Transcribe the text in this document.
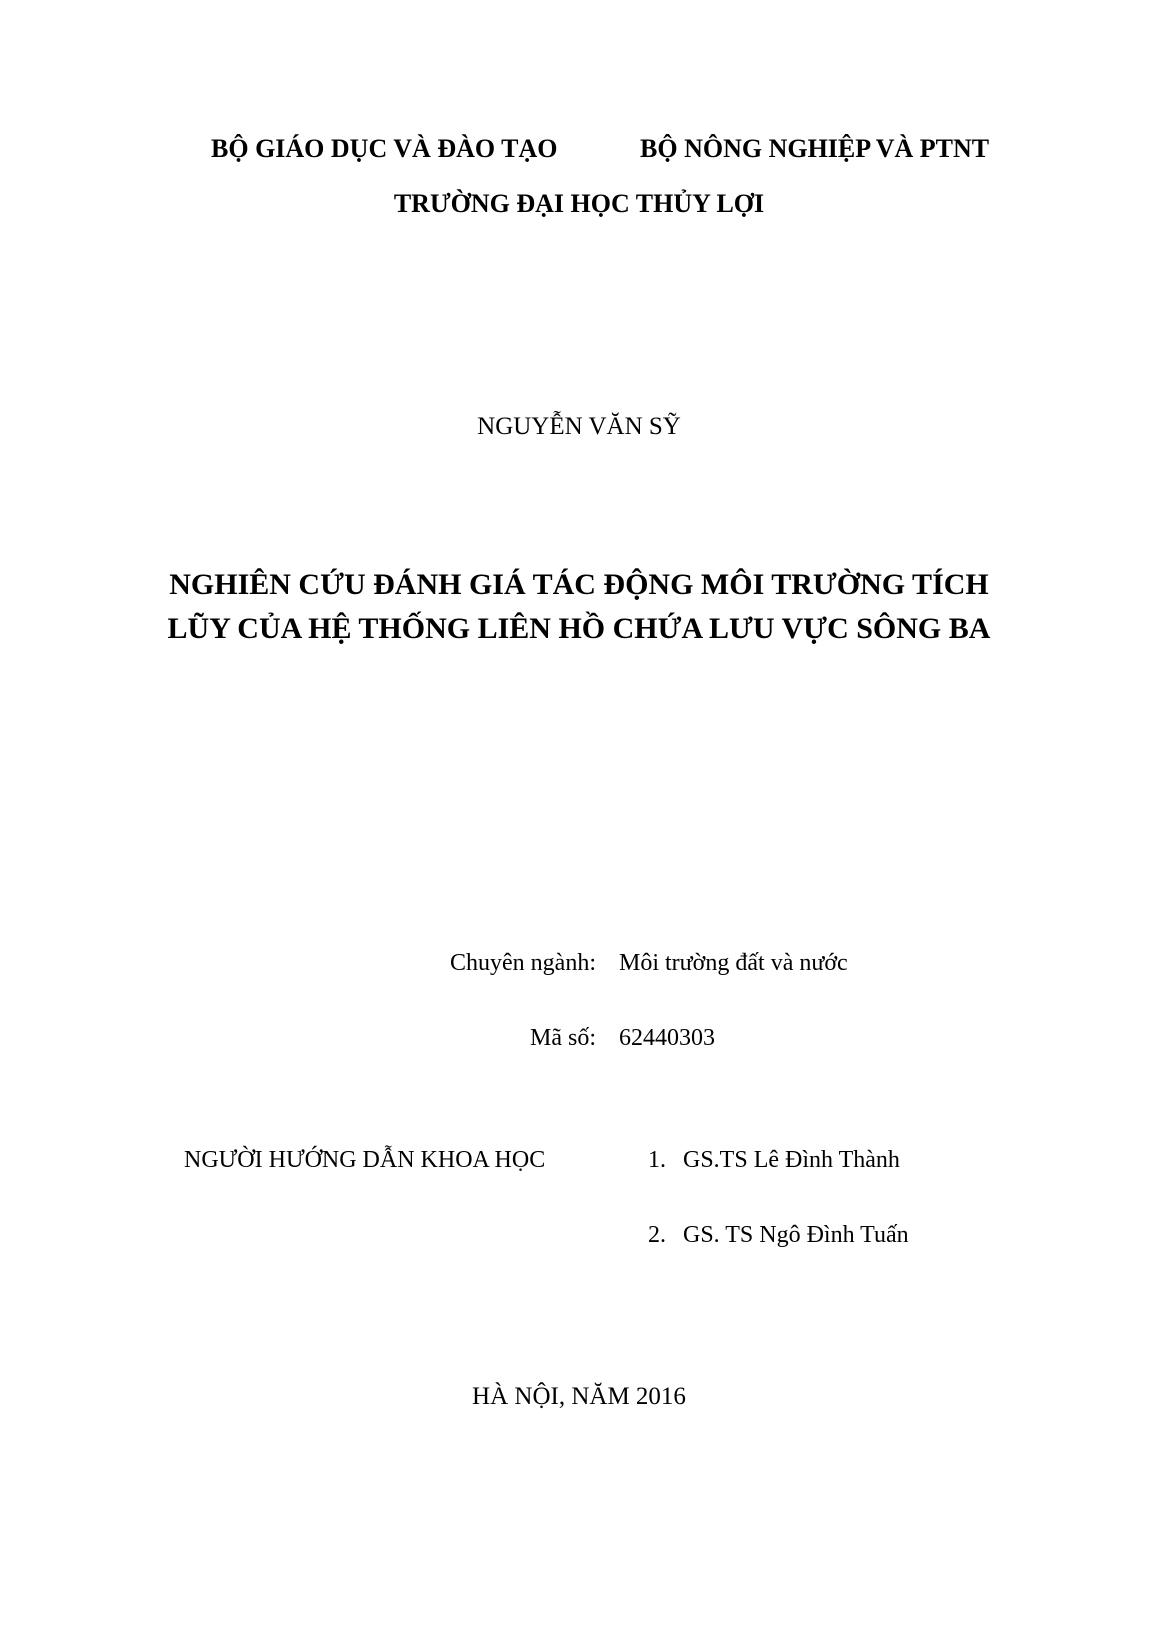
BỘ GIÁO DỤC VÀ ĐÀO TẠO	BỘ NÔNG NGHIỆP VÀ PTNT
TRƯỜNG ĐẠI HỌC THỦY LỢI
NGUYỄN VĂN SỸ
NGHIÊN CỨU ĐÁNH GIÁ TÁC ĐỘNG MÔI TRƯỜNG TÍCH
LŨY CỦA HỆ THỐNG LIÊN HỒ CHỨA LƯU VỰC SÔNG BA
Chuyên ngành: Môi trường đất và nước
Mã số: 62440303
NGƯỜI HƯỚNG DẪN KHOA HỌC	1. GS.TS Lê Đình Thành
2. GS. TS Ngô Đình Tuấn
HÀ NỘI, NĂM 2016
